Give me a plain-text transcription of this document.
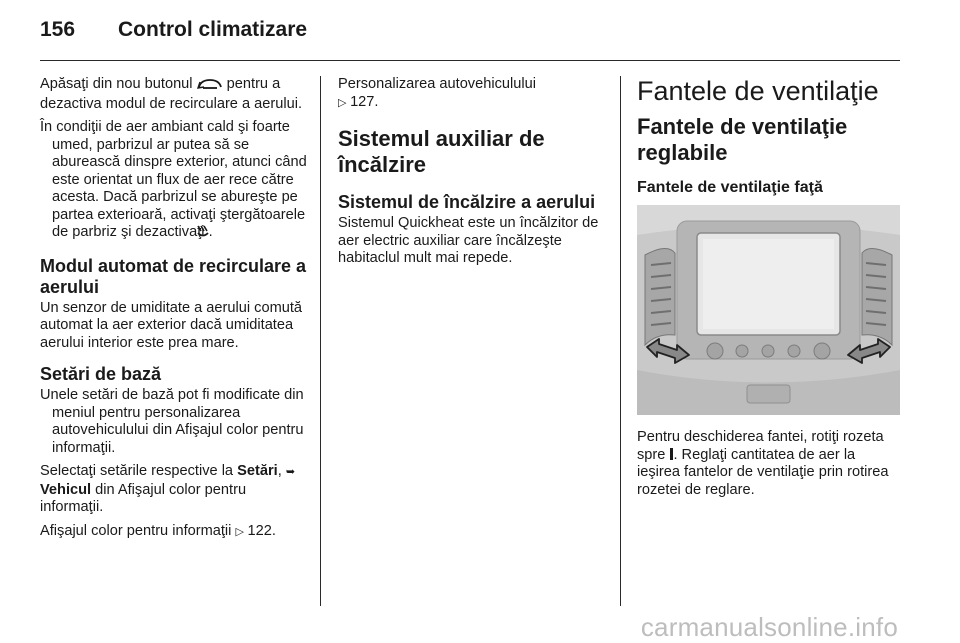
156 Control climatizare

Apăsaţi din nou butonul pentru a dezactiva modul de recirculare a aerului.

În condiţii de aer ambiant cald şi foarte umed, parbrizul ar putea să se aburească dinspre exterior, atunci când este orientat un flux de aer rece către acesta. Dacă parbrizul se abureşte pe partea exterioară, activaţi ştergătoarele de parbriz şi dezactivaţi .

Modul automat de recirculare a aerului

Un senzor de umiditate a aerului comută automat la aer exterior dacă umiditatea aerului interior este prea mare.

Setări de bază

Unele setări de bază pot fi modificate din meniul pentru personalizarea autovehiculului din Afişajul color pentru informaţii.

Selectaţi setările respective la Setări, ➥ Vehicul din Afişajul color pentru informaţii.

Afişajul color pentru informaţii ▷ 122.

Personalizarea autovehiculului
▷ 127.

Sistemul auxiliar de încălzire
Sistemul de încălzire a aerului

Sistemul Quickheat este un încălzitor de aer electric auxiliar care încălzeşte habitaclul mult mai repede.

Fantele de ventilaţie
Fantele de ventilaţie reglabile
Fantele de ventilaţie faţă

Pentru deschiderea fantei, rotiţi rozeta spre . Reglaţi cantitatea de aer la ieşirea fantelor de ventilaţie prin rotirea rozetei de reglare.

carmanualsonline.info
